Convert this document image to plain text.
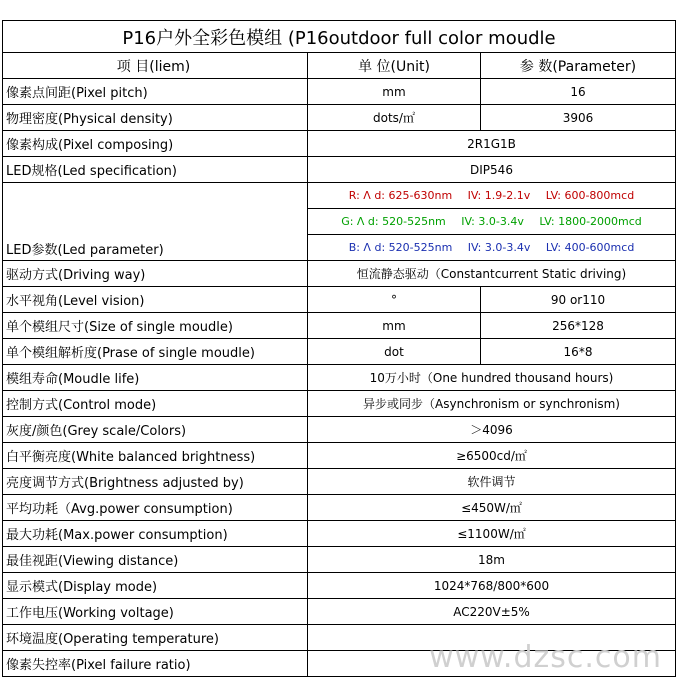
P16户外全彩色模组 (P16outdoor full color moudle		
项 目(liem)	单 位(Unit)	参 数(Parameter)
像素点间距(Pixel pitch)	mm	16
物理密度(Physical density)	dots/㎡	3906
像素构成(Pixel composing)	2R1G1B	
LED规格(Led specification)	DIP546	
LED参数(Led parameter)	R: Λ d: 625-630nm IV: 1.9-2.1v LV: 600-800mcd	
	G: Λ d: 520-525nm IV: 3.0-3.4v LV: 1800-2000mcd	
	B: Λ d: 520-525nm IV: 3.0-3.4v LV: 400-600mcd	
驱动方式(Driving way)	恒流静态驱动（Constantcurrent Static driving)	
水平视角(Level vision)	°	90 or110
单个模组尺寸(Size of single moudle)	mm	256*128
单个模组解析度(Prase of single moudle)	dot	16*8
模组寿命(Moudle life)	10万小时（One hundred thousand hours)	
控制方式(Control mode)	异步或同步（Asynchronism or synchronism)	
灰度/颜色(Grey scale/Colors)	＞4096	
白平衡亮度(White balanced brightness)	≥6500cd/㎡	
亮度调节方式(Brightness adjusted by)	软件调节	
平均功耗（Avg.power consumption)	≤450W/㎡	
最大功耗(Max.power consumption)	≤1100W/㎡	
最佳视距(Viewing distance)	18m	
显示模式(Display mode)	1024*768/800*600	
工作电压(Working voltage)	AC220V±5%	
环境温度(Operating temperature)		
像素失控率(Pixel failure ratio)			www.dzsc.com
